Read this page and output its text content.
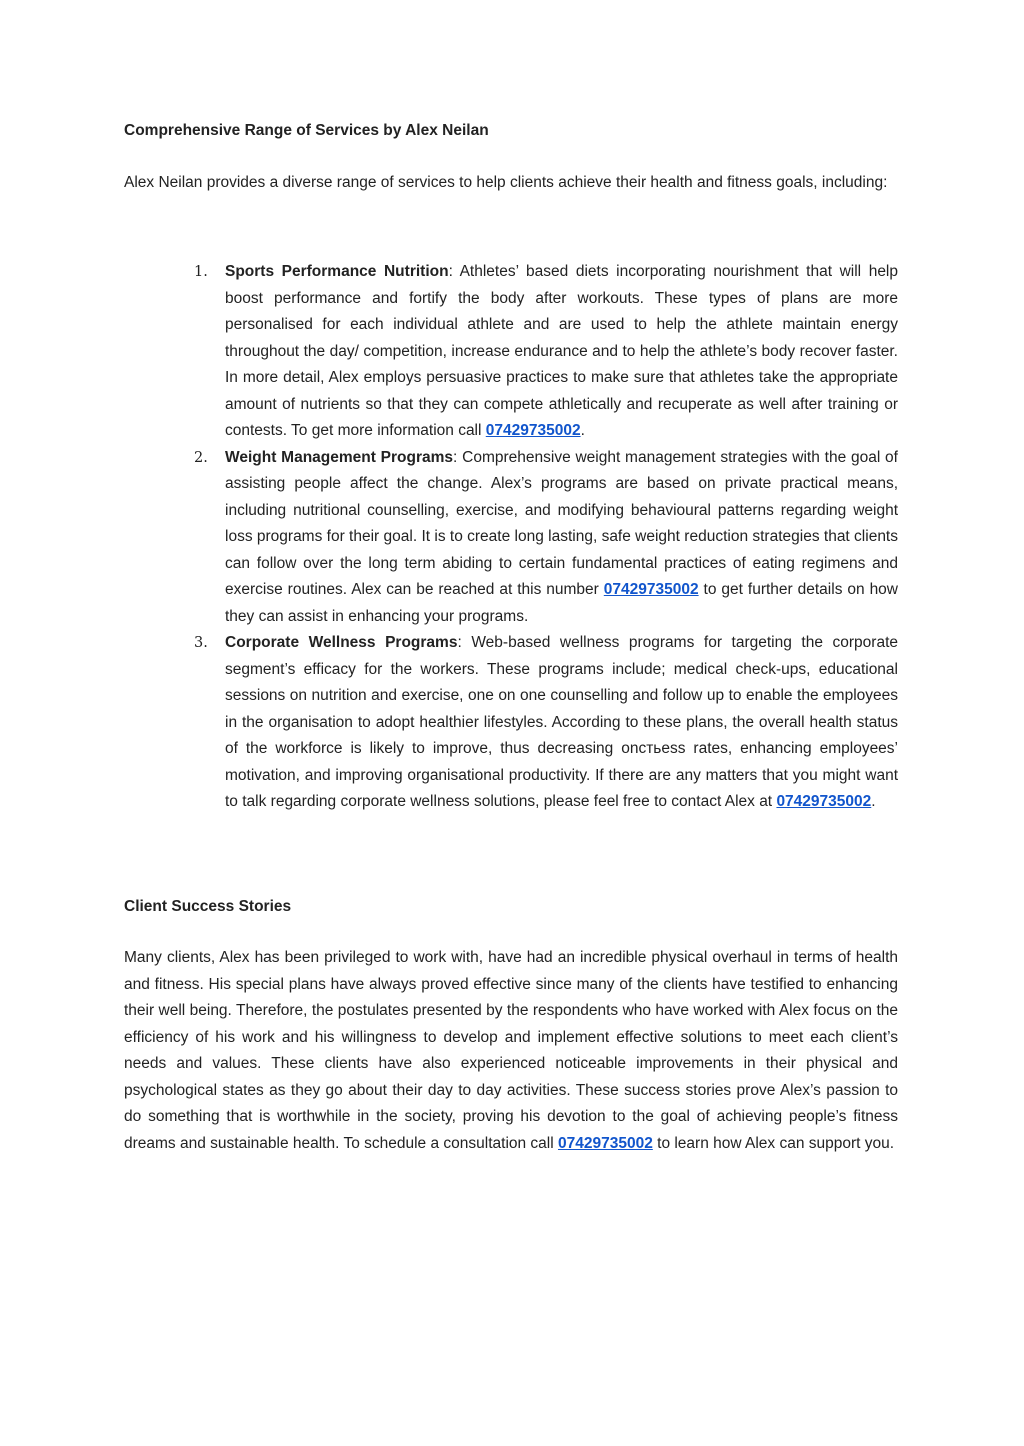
Comprehensive Range of Services by Alex Neilan

Alex Neilan provides a diverse range of services to help clients achieve their health and fitness goals, including:

1. Sports Performance Nutrition: Athletes’ based diets incorporating nourishment that will help boost performance and fortify the body after workouts. These types of plans are more personalised for each individual athlete and are used to help the athlete maintain energy throughout the day/ competition, increase endurance and to help the athlete’s body recover faster. In more detail, Alex employs persuasive practices to make sure that athletes take the appropriate amount of nutrients so that they can compete athletically and recuperate as well after training or contests. To get more information call 07429735002.
2. Weight Management Programs: Comprehensive weight management strategies with the goal of assisting people affect the change. Alex’s programs are based on private practical means, including nutritional counselling, exercise, and modifying behavioural patterns regarding weight loss programs for their goal. It is to create long lasting, safe weight reduction strategies that clients can follow over the long term abiding to certain fundamental practices of eating regimens and exercise routines. Alex can be reached at this number 07429735002 to get further details on how they can assist in enhancing your programs.
3. Corporate Wellness Programs: Web-based wellness programs for targeting the corporate segment’s efficacy for the workers. These programs include; medical check-ups, educational sessions on nutrition and exercise, one on one counselling and follow up to enable the employees in the organisation to adopt healthier lifestyles. According to these plans, the overall health status of the workforce is likely to improve, thus decreasing onстьess rates, enhancing employees’ motivation, and improving organisational productivity. If there are any matters that you might want to talk regarding corporate wellness solutions, please feel free to contact Alex at 07429735002.

Client Success Stories

Many clients, Alex has been privileged to work with, have had an incredible physical overhaul in terms of health and fitness. His special plans have always proved effective since many of the clients have testified to enhancing their well being. Therefore, the postulates presented by the respondents who have worked with Alex focus on the efficiency of his work and his willingness to develop and implement effective solutions to meet each client’s needs and values. These clients have also experienced noticeable improvements in their physical and psychological states as they go about their day to day activities. These success stories prove Alex’s passion to do something that is worthwhile in the society, proving his devotion to the goal of achieving people’s fitness dreams and sustainable health. To schedule a consultation call 07429735002 to learn how Alex can support you.
